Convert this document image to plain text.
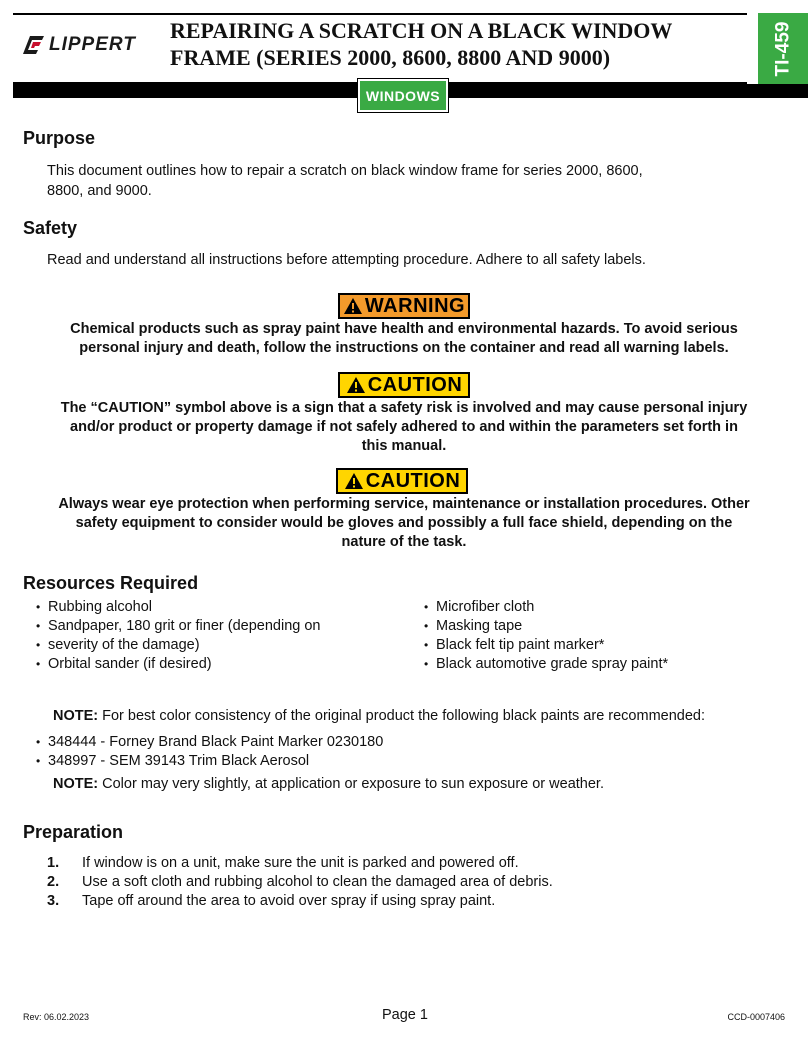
LIPPERT
REPAIRING A SCRATCH ON A BLACK WINDOW
FRAME (SERIES 2000, 8600, 8800 AND 9000)	TI-459
WINDOWS
Purpose

This document outlines how to repair a scratch on black window frame for series 2000, 8600,
8800, and 9000.

Safety

Read and understand all instructions before attempting procedure. Adhere to all safety labels.

WARNING

Chemical products such as spray paint have health and environmental hazards. To avoid serious
personal injury and death, follow the instructions on the container and read all warning labels.

CAUTION

The “CAUTION” symbol above is a sign that a safety risk is involved and may cause personal injury
and/or product or property damage if not safely adhered to and within the parameters set forth in
this manual.

CAUTION

Always wear eye protection when performing service, maintenance or installation procedures. Other
safety equipment to consider would be gloves and possibly a full face shield, depending on the
nature of the task.

Resources Required
• Rubbing alcohol
• Sandpaper, 180 grit or finer (depending on
• severity of the damage)
• Orbital sander (if desired)
• Microfiber cloth
• Masking tape
• Black felt tip paint marker*
• Black automotive grade spray paint*

NOTE: For best color consistency of the original product the following black paints are recommended:

• 348444 - Forney Brand Black Paint Marker 0230180
• 348997 - SEM 39143 Trim Black Aerosol

NOTE: Color may very slightly, at application or exposure to sun exposure or weather.

Preparation
1.	If window is on a unit, make sure the unit is parked and powered off.
2.	Use a soft cloth and rubbing alcohol to clean the damaged area of debris.
3.	Tape off around the area to avoid over spray if using spray paint.
Rev: 06.02.2023	Page 1	CCD-0007406
